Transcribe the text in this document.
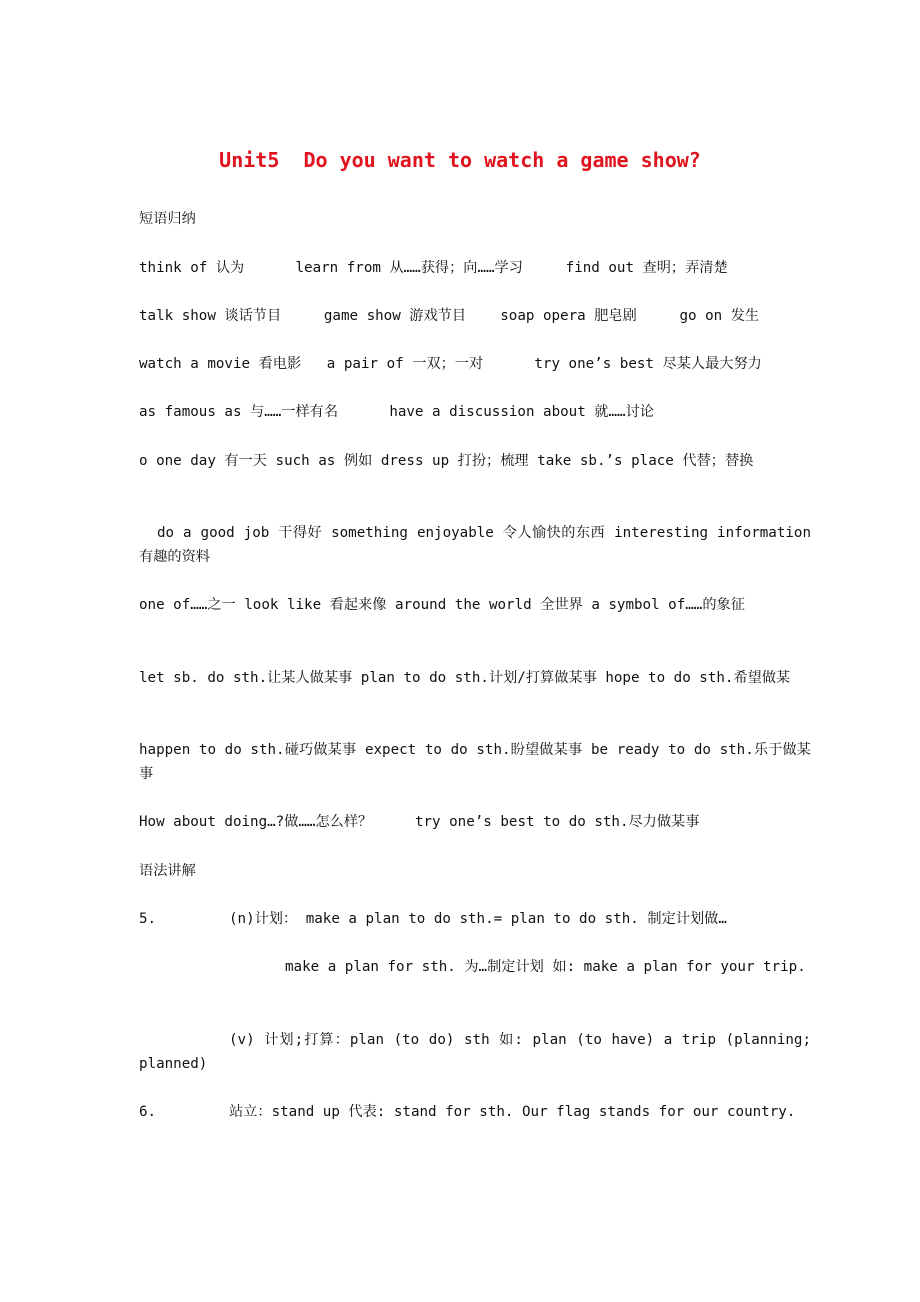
Unit5  Do you want to watch a game show?
短语归纳
think of 认为	learn from 从……获得；向……学习	find out 查明；弄清楚
talk show 谈话节目	game show 游戏节目 soap opera 肥皂剧	go on 发生
watch a movie 看电影 a pair of 一双；一对	try one’s best 尽某人最大努力
as famous as 与……一样有名	have a discussion about 就……讨论
o one day 有一天 such as 例如 dress up 打扮；梳理 take sb.’s place 代替；替换
do a good job 干得好 something enjoyable 令人愉快的东西 interesting information 有趣的资料
one of……之一 look like 看起来像 around the world 全世界 a symbol of……的象征
let sb. do sth.让某人做某事 plan to do sth.计划/打算做某事 hope to do sth.希望做某
happen to do sth.碰巧做某事 expect to do sth.盼望做某事 be ready to do sth.乐于做某事
How about doing…?做……怎么样？	try one’s best to do sth.尽力做某事
语法讲解
5.	(n)计划： make a plan to do sth.= plan to do sth. 制定计划做…
make a plan for sth. 为…制定计划 如: make a plan for your trip.
(v) 计划;打算：plan (to do) sth 如: plan (to have) a trip (planning; planned)
6.	站立：stand up 代表: stand for sth. Our flag stands for our country.
